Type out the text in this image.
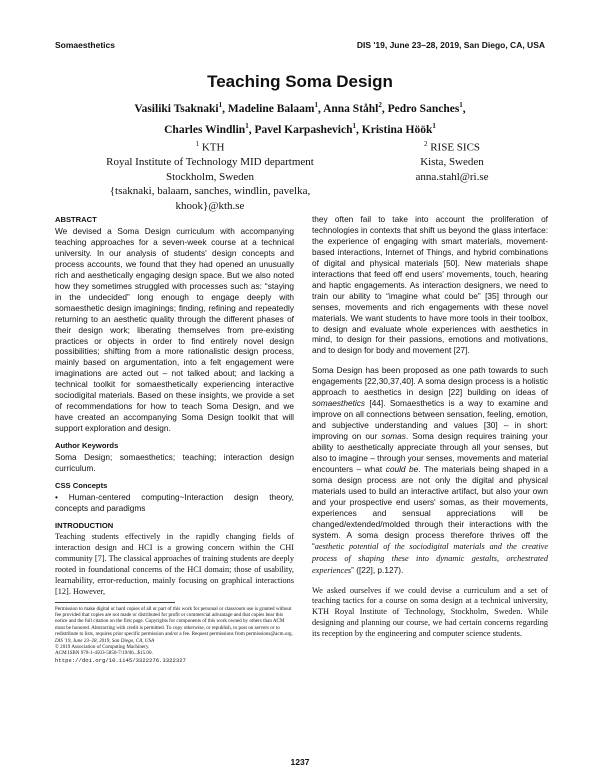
Somaesthetics	DIS '19, June 23–28, 2019, San Diego, CA, USA
Teaching Soma Design
Vasiliki Tsaknaki$^1$, Madeline Balaam$^1$, Anna Ståhl$^2$, Pedro Sanches$^1$,
Charles Windlin$^1$, Pavel Karpashevich$^1$, Kristina Höök$^1$
$^1$ KTH
Royal Institute of Technology MID department
Stockholm, Sweden
{tsaknaki, balaam, sanches, windlin, pavelka,
khook}@kth.se
$^2$ RISE SICS
Kista, Sweden
anna.stahl@ri.se
ABSTRACT

We devised a Soma Design curriculum with accompanying teaching approaches for a seven-week course at a technical university. In our analysis of students' design concepts and process accounts, we found that they had opened an unusually rich and aesthetically engaging design space. But we also noted how they sometimes struggled with processes such as: “staying in the undecided” long enough to engage deeply with somaesthetic design imaginings; finding, refining and repeatedly returning to an aesthetic quality through the different phases of their design work; liberating themselves from pre-existing practices or objects in order to find entirely novel design possibilities; shifting from a more rationalistic design process, mainly based on argumentation, into a felt engagement were imaginations are acted out – not talked about; and lacking a technical toolkit for somaesthetically experiencing interactive sociodigital materials. Based on these insights, we provide a set of recommendations for how to teach Soma Design, and we have created an accompanying Soma Design toolkit that will support exploration and design.

Author Keywords

Soma Design; somaesthetics; teaching; interaction design curriculum.

CSS Concepts

• Human-centered computing~Interaction design theory, concepts and paradigms

INTRODUCTION

Teaching students effectively in the rapidly changing fields of interaction design and HCI is a growing concern within the CHI community [7]. The classical approaches of training students are deeply rooted in foundational concerns of the HCI domain; those of usability, learnability, error-reduction, mainly focusing on graphical interactions [12]. However,

Permission to make digital or hard copies of all or part of this work for personal or classroom use is granted without fee provided that copies are not made or distributed for profit or commercial advantage and that copies bear this notice and the full citation on the first page. Copyrights for components of this work owned by others than ACM must be honored. Abstracting with credit is permitted. To copy otherwise, or republish, to post on servers or to redistribute to lists, requires prior specific permission and/or a fee. Request permissions from permissions@acm.org.

DIS '19, June 23–28, 2019, San Diego, CA, USA

© 2019 Association of Computing Machinery.

ACM ISBN 978-1-4503-5850-7/19/06...$15.00.

https://doi.org/10.1145/3322276.3322327

they often fail to take into account the proliferation of technologies in contexts that shift us beyond the glass interface: the experience of engaging with smart materials, movement-based interactions, Internet of Things, and hybrid combinations of digital and physical materials [50]. New materials shape interactions that feed off end users' movements, touch, hearing and haptic engagements. As interaction designers, we need to train our ability to “imagine what could be” [35] through our senses, movements and rich engagements with these novel materials. We want students to have more tools in their toolbox, to design and evaluate whole experiences with aesthetics in mind, to design for their passions, emotions and motivations, and to design for body and movement [27].

Soma Design has been proposed as one path towards to such engagements [22,30,37,40]. A soma design process is a holistic approach to aesthetics in design [22] building on ideas of somaesthetics [44]. Somaesthetics is a way to examine and improve on all connections between sensation, feeling, emotion, and subjective understanding and values [30] – in short: improving on our somas. Soma design requires training your ability to aesthetically appreciate through all your senses, but also to imagine – through your senses, movements and material encounters – what could be. The materials being shaped in a soma design process are not only the digital and physical materials used to build an interactive artifact, but also your own and your prospective end users' somas, as their movements, experiences and sensual appreciations will be changed/extended/molded through their interactions with the system. A soma design process therefore thrives off the “aesthetic potential of the sociodigital materials and the creative process of shaping these into dynamic gestalts, orchestrated experiences” ([22], p.127).

We asked ourselves if we could devise a curriculum and a set of teaching tactics for a course on soma design at a technical university, KTH Royal Institute of Technology, Stockholm, Sweden. While designing and planning our course, we had certain concerns regarding its reception by the engineering and computer science students.

1237
